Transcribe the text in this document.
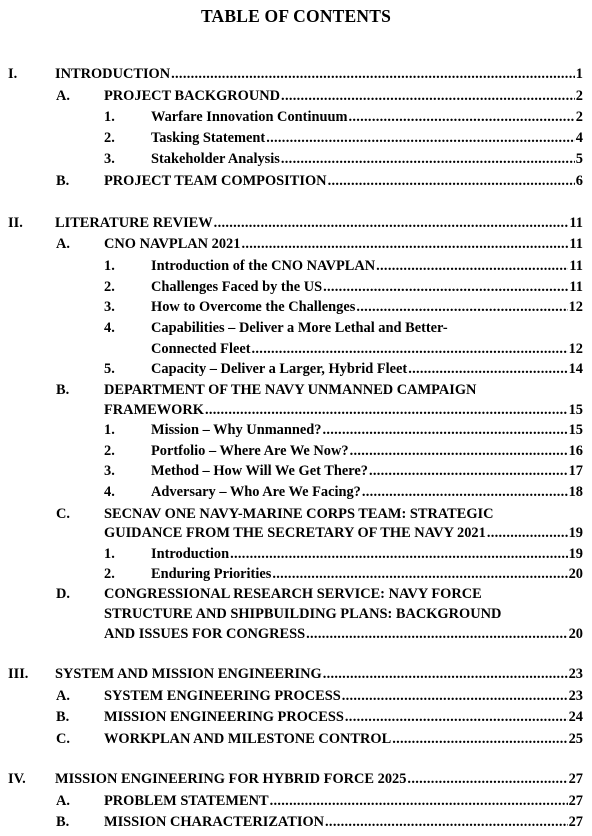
TABLE OF CONTENTS
I.	INTRODUCTION .....	1
A. PROJECT BACKGROUND .....	2
1.	Warfare Innovation Continuum .....	2
2.	Tasking Statement .....	4
3.	Stakeholder Analysis .....	5
B. PROJECT TEAM COMPOSITION .....	6
II. LITERATURE REVIEW .....	11
A. CNO NAVPLAN 2021 .....	11
1.	Introduction of the CNO NAVPLAN .....	11
2.	Challenges Faced by the US .....	11
3.	How to Overcome the Challenges .....	12
4.	Capabilities – Deliver a More Lethal and Better-
Connected Fleet .....	12
5.	Capacity – Deliver a Larger, Hybrid Fleet .....	14
B. DEPARTMENT OF THE NAVY UNMANNED CAMPAIGN
FRAMEWORK .....	15
1.	Mission – Why Unmanned? .....	15
2.	Portfolio – Where Are We Now? .....	16
3.	Method – How Will We Get There? .....	17
4.	Adversary – Who Are We Facing? .....	18
C. SECNAV ONE NAVY-MARINE CORPS TEAM: STRATEGIC
GUIDANCE FROM THE SECRETARY OF THE NAVY 2021 .....	19
1.	Introduction .....	19
2.	Enduring Priorities .....	20
D. CONGRESSIONAL RESEARCH SERVICE: NAVY FORCE
STRUCTURE AND SHIPBUILDING PLANS: BACKGROUND
AND ISSUES FOR CONGRESS .....	20
III. SYSTEM AND MISSION ENGINEERING .....	23
A. SYSTEM ENGINEERING PROCESS .....	23
B. MISSION ENGINEERING PROCESS .....	24
C. WORKPLAN AND MILESTONE CONTROL .....	25
IV. MISSION ENGINEERING FOR HYBRID FORCE 2025 .....	27
A. PROBLEM STATEMENT .....	27
B. MISSION CHARACTERIZATION .....	27
